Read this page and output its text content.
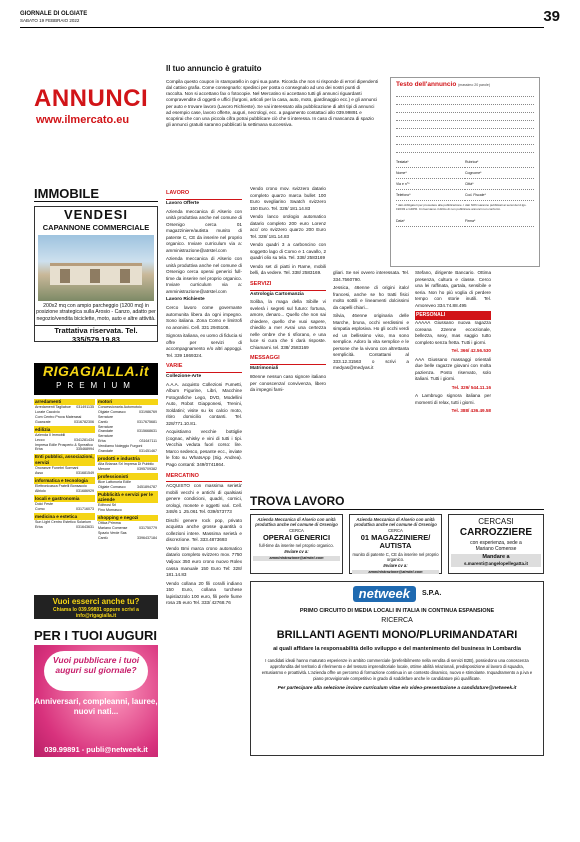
GIORNALE DI OLGIATE
SABATO 19 FEBBRAIO 2022	39
ANNUNCI
www.ilmercato.eu
Il tuo annuncio è gratuito

Compila questo coupon in stampatello in ogni sua parte. Ricorda che non si risponde di errori dipendenti dal cattivo grafia. Come consegnarlo: spedisci per posta o consegnalo ad uno dei nostri punti di raccolta. Non si accettano fax o fotocopie. Nel Mercatino si accettano tutti gli annunci riguardanti compravendite di oggetti e uffici (furgoni, articoli per la casa, auto, moto, giardinaggio ecc.) e gli annunci per auto e trovare lavoro (Lavoro Richieste). Se vai interessato alla pubblicazione di altri tipi di annunci ad esempio case, lavoro offerte, auguri, necrologi, ecc. a pagamento contattaci allo 039.99891 e scoprirai che con una piccola cifra potrai pubblicare ciò che ti interessa. In caso di mancanza di spazio gli annunci gratuiti saranno pubblicati la settimana successiva.

Testo dell'annuncio (massimo 20 parole)
Testata*	Rubrica*
Nome*	Cognome*
Via e n°*	Città*
Telefono*	Cod. Fiscale*
* dati obbligatori per procedere alla pubblicazione. I dati NON saranno pubblicati ai sensi del d.lgs. 196/03 e GDPR. Ci riserviamo il diritto di non pubblicare annunci non conformi.
Data*	Firma*
IMMOBILE
VENDESI
CAPANNONE COMMERCIALE
200x2 mq con ampio parcheggio (1200 mq) in posizione strategica sulla Arosio - Canzo, adatto per negozio/vendita biciclette, moto, auto e altre attività.
Trattativa riservata. Tel. 335/579.19.83
RIGAGIALLA.it
PREMIUM
arredamenti
Arredamenti Tagliabue 031491135
Lurate Caccivio
Com Centro Prova Materassi
Guanzate	0316782306
edilizia
Azienda Il Immobili
Lecco	0341281434
Impresa Edile Prosperio & Spreafico
Erba	335468994
Enti pubblici, associazioni, servizi
Onoranze Funebri Sormani
Asso	031681549
informatica e tecnologia
Elettronicasca Fratelli Bonsaccio
Albiolo	031686929
locali e gastronomia
Dolci Feste
Como	031716073
medicina e estetica
Sun Light Centro Estetico Solarium
Erba	031643631
motori
Concessionaria Automotoio
Olgiate Comasco	031986769
Serrature
Cantù	0317675681
Serrature
Grandate	0315668631
Serrature
Erba	031647111
Vendiamo Noleggio Furgoni
Grandate	031451467
prodotti e industria
Alta Brianza Srl Impresa Di Pubblic
Merone	0395709382
professionisti
Bice Lattonoria Edile
Olgiate Comasco	3451894787
Pubblicità e servizi per le aziende
Editnosi Srl
Fino Mornasco
shopping e negozi
Ottica Primma
Mariano Comense	031750779
Spazio Verde Sas
Cantù	3396437184
Vuoi esserci anche tu?
Chiama lo 039.99891 oppure scrivi a info@rigagialla.it
PER I TUOI AUGURI
Vuoi pubblicare i tuoi auguri sul giornale?
Anniversari, compleanni, lauree, nuovi nati...
039.99891 - publi@netweek.it
LAVORO
Lavoro Offerte

Azienda meccanica di Alserio con unità produttiva anche nel comune di Orsenigo cerca 01 magazziniere/autista munito di patente C, CE da inserire nel proprio organico. Inviare curriculum via a: amministrazione@atrstel.com

Azienda meccanica di Alserio con unità produttiva anche nel comune di Orsenigo cerca operai generici full-time da inserire nel proprio organico. Inviare curriculum via a: amministrazione@atrstel.com

Lavoro Richieste

Cerco lavoro come governante automunita libera da ogni impegno. Sono italiana. Zona Como e limitrofi no anonimi. Cell. 331 2945108.

Signora italiana, ex uomo di fiducia si offre per servizi di accompagnamento e/o altri appoggi. Tel. 339 1869324.

VARIE
Collezione-Arte

A.A.A. acquisto Collezioni Fumetti, Album Figurine, Libri, Macchine Fotografiche Lego, DVD, Modellini Auto, Robot Giapponesi, Trenini, Soldatini; visite su ks calcio moto, ritiro domicilio contanti. Tel. 328/771.10.81.

Acquistiamo vecchie bottiglie (cognac, whisky e vini di tutti i tipi. Vecchia veduta fuori corso: lire. Marco sedesco, pesante ecc., inviate le foto su WhatsApp (Sig. Andrea). Pago contanti: 349/0741864.

MERCATINO

ACQUISTO con massima serietà' mobili vecchi e antichi di qualsiasi genere condicioni, quadri, cornici, orologi, monete e oggetti vari. Cell. 348/6 1 .25.061 Tel. 039/673773

Dischi genere rock pop, privato acquista anche grosse quantità o collezioni intere. Massima serietà e discrezione. Tel. 333.4873693

Vendo Bmi marca crono automatico datario completo svizzero mov. 7750 Valjoux 350 euro crono nuovo Rolex cassa manuale 150 Euro Tel: 328/ 181.14.83

Vendo collana 20 fili coralli indiano 150 Euro, collana turchese lapislazzolo 100 euro, fili perle fiume rosa 25 euro Tel. 333/ 42768.76

Vendo crono mov. svizzero datario completo quarzo marca bullet 100 Euro svegliarino Swatch svizzero 150 Euro. Tel. 328/ 181.14.83

Vendo lanco orologio automatico datario completo 200 euro Lorenz acc/ oro svizzero quarzo 200 Euro Tel. 328/ 181.14.83

Vendo quadri 3 a carboncino con soggetto lago di Como e 1 cavallo, 2 quadri olio su tela. Tel. 338/ 2583169

Vendo set di piatti in Rame, mobili belli, da vedere. Tel. 338/ 2583169.

SERVIZI
Astrologia Cartomanzia

Soliba, la maga della Sibille vi svelerà i segreti sul futuro: fortuna, amore, denaro... Quello che non sai chiedere, quello che vuoi sapere, chiedilo a me! Avrai una certezza nelle ombre che ti sfiorano, e una luce si cura che ti darà risposte. Chiamami. tel. 338/ 2583169

MESSAGGI
Matrimoniali

80enne nessun caso signore italiano per conoscenza/ convivenza, libero da impegni fami-

gliari. Se sei ovvero interessata. Tel. 334.7560790.

Jessica, 46enne di origini italo/ francesi, anche se ho tratti fisici molto sottili e lineamenti dolcissimi da capelli chiari...

Silvia, 46enne originaria delle Marche, bruna, occhi verdissimi e simpatia esplosiva. Ho gli occhi verdi ed un bellissimo viso, ma sono semplice. Adoro la vita semplice e le persone che la vivono con altrettanta semplicità. Contattami al 333.12.31563 o scrivi a medyas@medyas.it

Stefano, dirigente Bancario. Ottima presenza, cultura e classe. Cerco una lei raffinata, gartala, sensibile e seria. Non ho più voglia di perdere tempo con storie inutili. Tel. Amoreveo 334.74.88.495

PERSONALI

AAAAA Giussano nuova ragazza coreana 22enne eccezionale, bellezza, sexy, mas saggio tutto completo senza fretta. Tutti i giorni.

Tel. 366/ 42.56.530

AAA Giussano massaggi orientali due belle ragazze giovani con molta pazienza. Posto riservato, solo italiani. Tutti i giorni.

Tel. 329/ 544.11.16

A Lambrugo signora italiana per momenti di relax, tutti i giorni.

Tel. 388/ 436.49.58

TROVA LAVORO
Azienda Meccanica di Alserio con unità produttiva anche nel comune di Orsenigo
CERCA
OPERAI GENERICI
full-time da inserire nel proprio organico.
Inviare cv a:
amministrazione@atrstel.com
Azienda Meccanica di Alserio con unità produttiva anche nel comune di Orsenigo
CERCA
01 MAGAZZINIERE/ AUTISTA
munito di patente C, CE da inserire nel proprio organico.
Inviare cv a:
amministrazione@atrstel.com
CERCASI
CARROZZIERE
con esperienza, sede a
Mariano Comense
Mandare a
s.marenti@angelopellegatta.it
netweek	S.P.A.
PRIMO CIRCUITO DI MEDIA LOCALI IN ITALIA IN CONTINUA ESPANSIONE
RICERCA
BRILLANTI AGENTI MONO/PLURIMANDATARI
ai quali affidare la responsabilità dello sviluppo e del mantenimento del business in Lombardia
I candidati ideali hanno maturato esperienze in ambito commerciale (preferibilmente nella vendita di servizi B2B), possiedono una conoscenza approfondita del territorio di riferimento e del tessuto imprenditoriale locale, ottime abilità relazionali, predisposizione al lavoro di squadra, entusiasmo e proattività. L'azienda offre un percorso di formazione continua in un contesto dinamico, nuovo e stimolante. Inquadramento a p.iva e piano provvigionale competitivo in grado di soddisfare anche le candidature più qualificate.
Per partecipare alla selezione inviare curriculum vitae e/o video-presentazione a candidature@netweek.it
